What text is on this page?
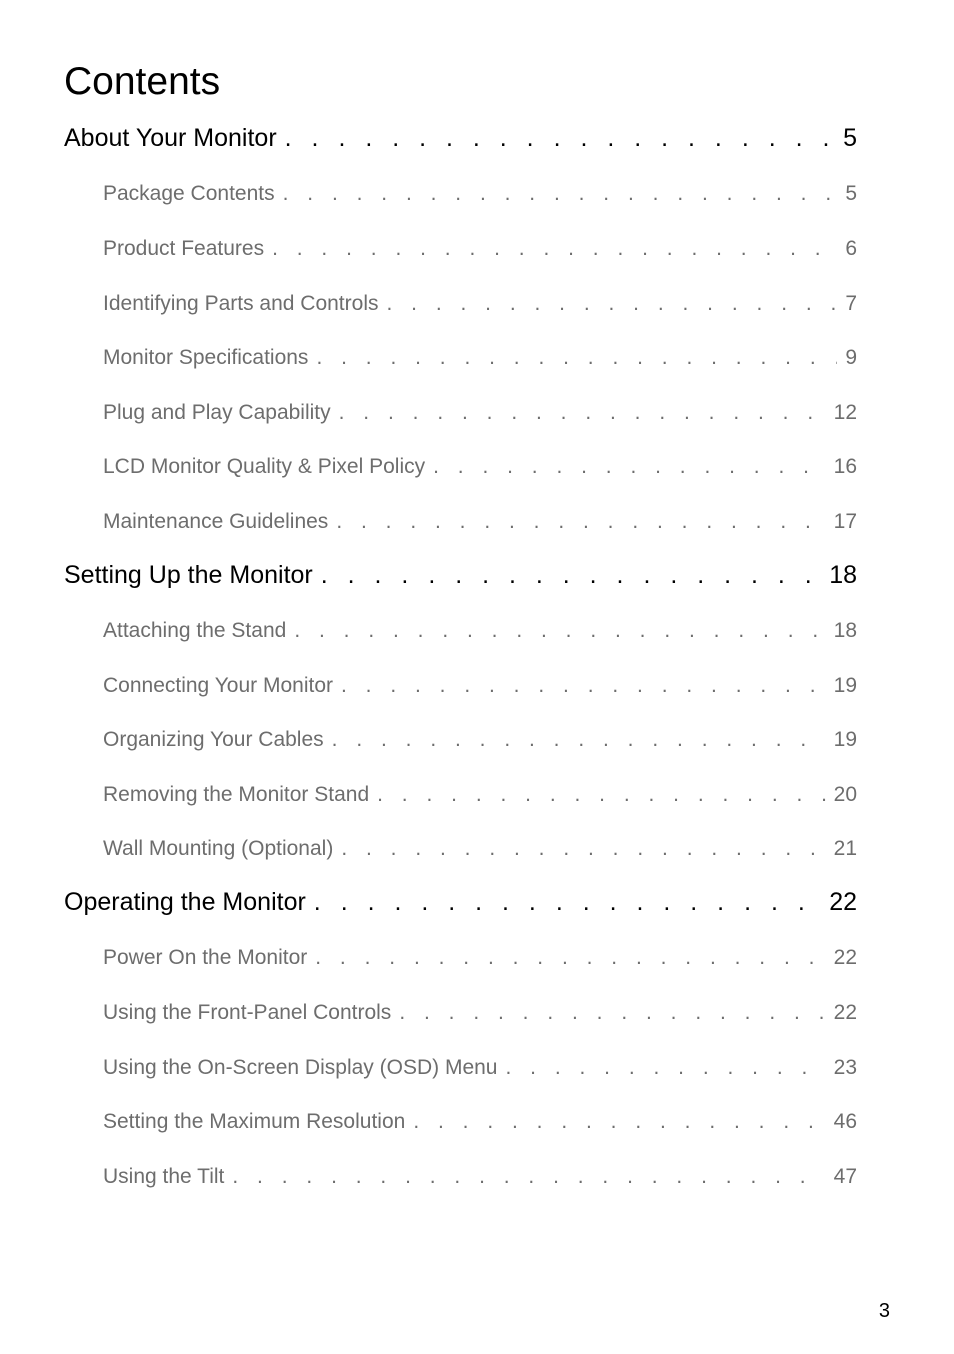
Contents
About Your Monitor . . .	5
Package Contents . . .	5
Product Features . . .	6
Identifying Parts and Controls . . .	7
Monitor Specifications . . .	9
Plug and Play Capability . . .	12
LCD Monitor Quality & Pixel Policy . . .	16
Maintenance Guidelines . . .	17
Setting Up the Monitor . . .	18
Attaching the Stand . . .	18
Connecting Your Monitor . . .	19
Organizing Your Cables . . .	19
Removing the Monitor Stand . . .	20
Wall Mounting (Optional) . . .	21
Operating the Monitor . . .	22
Power On the Monitor . . .	22
Using the Front-Panel Controls . . .	22
Using the On-Screen Display (OSD) Menu . . .	23
Setting the Maximum Resolution . . .	46
Using the Tilt . . .	47
3
